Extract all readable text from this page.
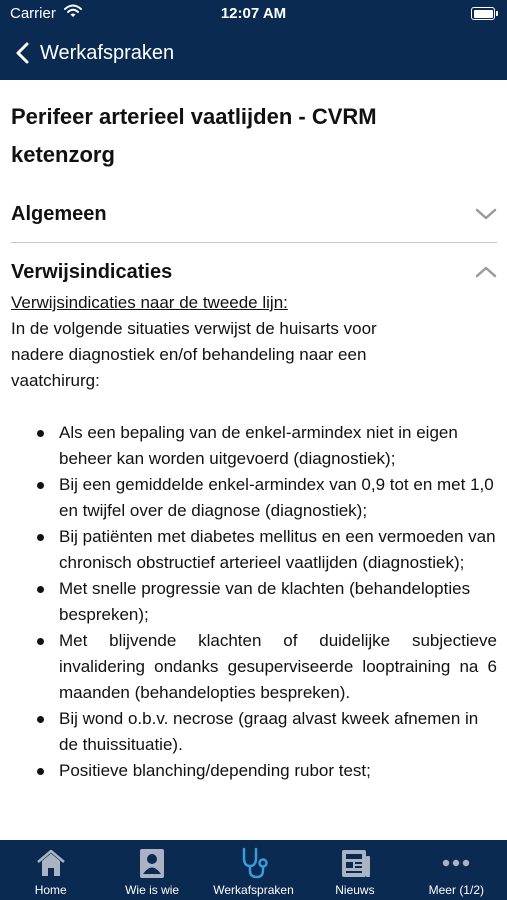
Carrier	12:07 AM
Werkafspraken
Perifeer arterieel vaatlijden - CVRM
ketenzorg
Algemeen
Verwijsindicaties
Verwijsindicaties naar de tweede lijn:
In de volgende situaties verwijst de huisarts voor nadere diagnostiek en/of behandeling naar een vaatchirurg:
Als een bepaling van de enkel-armindex niet in eigen beheer kan worden uitgevoerd (diagnostiek);
Bij een gemiddelde enkel-armindex van 0,9 tot en met 1,0 en twijfel over de diagnose (diagnostiek);
Bij patiënten met diabetes mellitus en een vermoeden van chronisch obstructief arterieel vaatlijden (diagnostiek);
Met snelle progressie van de klachten (behandelopties bespreken);
Met blijvende klachten of duidelijke subjectieve invalidering ondanks gesuperviseerde looptraining na 6 maanden (behandelopties bespreken).
Bij wond o.b.v. necrose (graag alvast kweek afnemen in de thuissituatie).
Positieve blanching/depending rubor test;
Home	Wie is wie	Werkafspraken	Nieuws	Meer (1/2)
